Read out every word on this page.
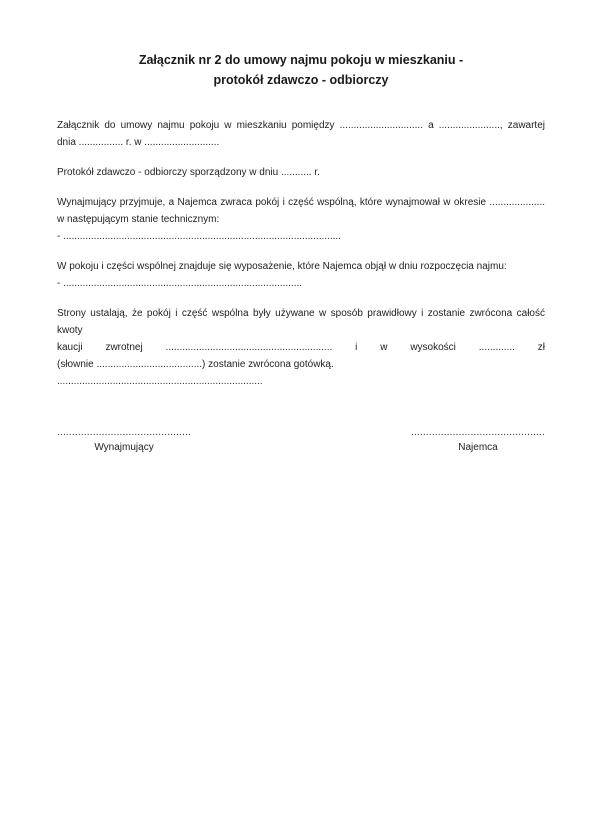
Załącznik nr 2 do umowy najmu pokoju w mieszkaniu -
protokół zdawczo - odbiorczy
Załącznik do umowy najmu pokoju w mieszkaniu pomiędzy .............................. a ......................, zawartej
dnia ................ r. w ...........................
Protokół zdawczo - odbiorczy sporządzony w dniu ........... r.
Wynajmujący przyjmuje, a Najemca zwraca pokój i część wspólną, które wynajmował w okresie ....................
w następującym stanie technicznym:
- ....................................................................................................
W pokoju i części wspólnej znajduje się wyposażenie, które Najemca objął w dniu rozpoczęcia najmu:
- ......................................................................................
Strony ustalają, że pokój i część wspólna były używane w sposób prawidłowy i zostanie zwrócona całość kwoty
kaucji zwrotnej ............................................................ i w wysokości ............. zł
(słownie ......................................) zostanie zwrócona gotówką.
..........................................................................
.............................................
Wynajmujący
.............................................
Najemca
